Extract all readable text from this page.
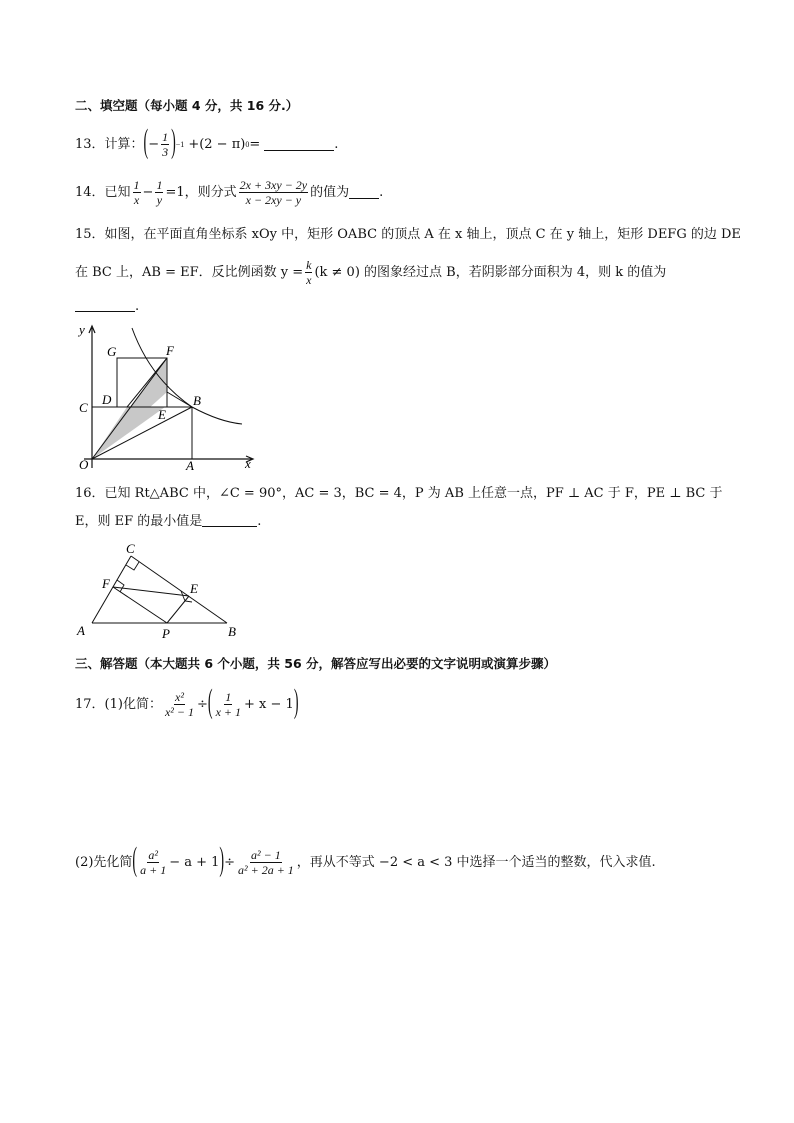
二、填空题（每小题 4 分，共 16 分.）
13．计算： ( − $\frac{1}{3}$ ) −1 +(2 − π) 0 =	.
14．已知 $\frac{1}{x} - \frac{1}{y} =1$，则分式 $\frac{2x + 3xy - 2y}{x - 2xy - y}$ 的值为 .
15．如图，在平面直角坐标系 xOy 中，矩形 OABC 的顶点 A 在 x 轴上，顶点 C 在 y 轴上，矩形 DEFG 的边 DE
在 BC 上，AB = EF．反比例函数 $y = \frac{k}{x} (k \ne 0)$ 的图象经过点 B，若阴影部分面积为 4，则 k 的值为
.
y
x
G	F
C
D	B
E
O	A
16．已知 Rt△ABC 中，∠C = 90°，AC = 3，BC = 4，P 为 AB 上任意一点，PF ⊥ AC 于 F，PE ⊥ BC 于
E，则 EF 的最小值是	.
C
F	E
A	P	B
三、解答题（本大题共 6 个小题，共 56 分，解答应写出必要的文字说明或演算步骤）
17．(1)化简： $\frac{\text{x²}}{\text{x² − 1}}$ ÷ ( $\frac{1}{x + 1} + x - 1$ )
(2)先化简 ( $\frac{\text{a²}}{a + 1} - a + 1$ ) ÷ $\frac{\text{a² − 1}}{\text{a² + 2a + 1}}$ ，再从不等式 −2 < a < 3 中选择一个适当的整数，代入求值.
